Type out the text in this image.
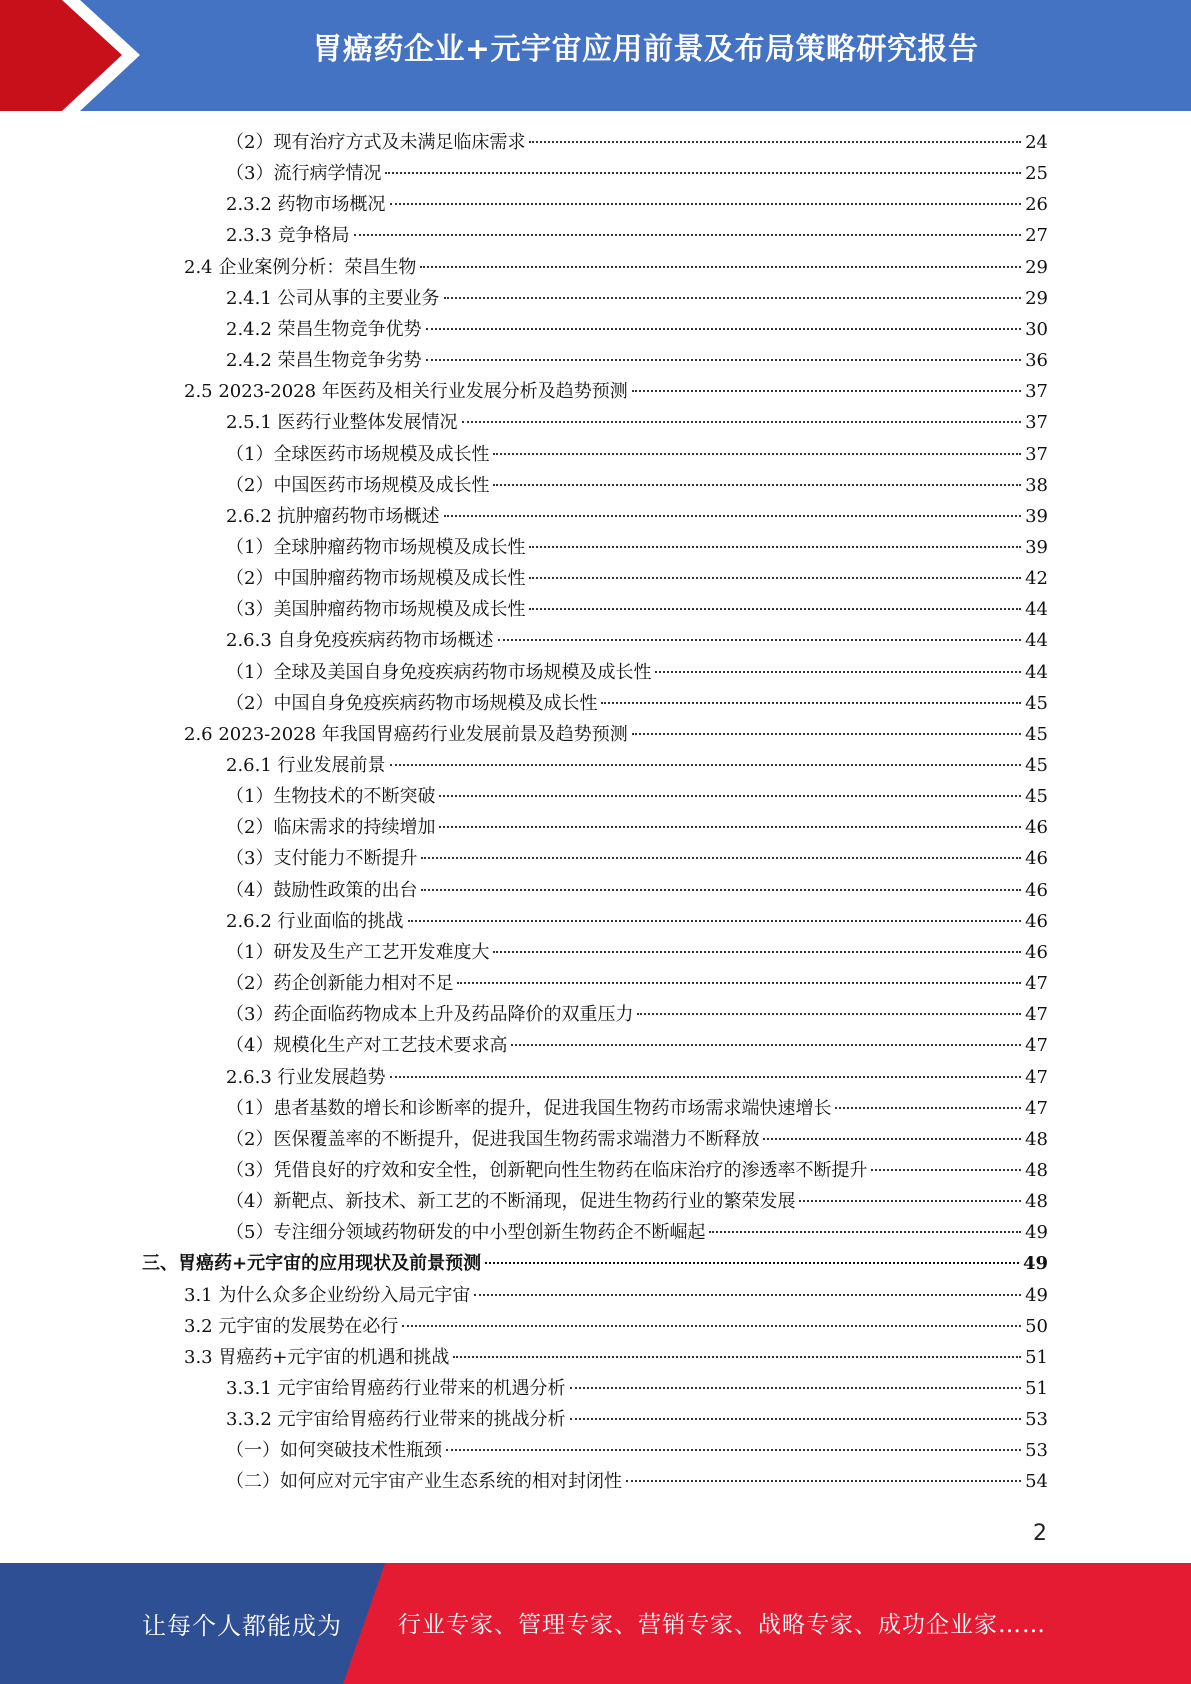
胃癌药企业+元宇宙应用前景及布局策略研究报告
（2）现有治疗方式及未满足临床需求	24
（3）流行病学情况	25
2.3.2 药物市场概况	26
2.3.3 竞争格局	27
2.4 企业案例分析：荣昌生物	29
2.4.1 公司从事的主要业务	29
2.4.2 荣昌生物竞争优势	30
2.4.2 荣昌生物竞争劣势	36
2.5 2023-2028 年医药及相关行业发展分析及趋势预测	37
2.5.1 医药行业整体发展情况	37
（1）全球医药市场规模及成长性	37
（2）中国医药市场规模及成长性	38
2.6.2 抗肿瘤药物市场概述	39
（1）全球肿瘤药物市场规模及成长性	39
（2）中国肿瘤药物市场规模及成长性	42
（3）美国肿瘤药物市场规模及成长性	44
2.6.3 自身免疫疾病药物市场概述	44
（1）全球及美国自身免疫疾病药物市场规模及成长性	44
（2）中国自身免疫疾病药物市场规模及成长性	45
2.6 2023-2028 年我国胃癌药行业发展前景及趋势预测	45
2.6.1 行业发展前景	45
（1）生物技术的不断突破	45
（2）临床需求的持续增加	46
（3）支付能力不断提升	46
（4）鼓励性政策的出台	46
2.6.2 行业面临的挑战	46
（1）研发及生产工艺开发难度大	46
（2）药企创新能力相对不足	47
（3）药企面临药物成本上升及药品降价的双重压力	47
（4）规模化生产对工艺技术要求高	47
2.6.3 行业发展趋势	47
（1）患者基数的增长和诊断率的提升，促进我国生物药市场需求端快速增长	47
（2）医保覆盖率的不断提升，促进我国生物药需求端潜力不断释放	48
（3）凭借良好的疗效和安全性，创新靶向性生物药在临床治疗的渗透率不断提升	48
（4）新靶点、新技术、新工艺的不断涌现，促进生物药行业的繁荣发展	48
（5）专注细分领域药物研发的中小型创新生物药企不断崛起	49
三、胃癌药+元宇宙的应用现状及前景预测	49
3.1 为什么众多企业纷纷入局元宇宙	49
3.2 元宇宙的发展势在必行	50
3.3 胃癌药+元宇宙的机遇和挑战	51
3.3.1 元宇宙给胃癌药行业带来的机遇分析	51
3.3.2 元宇宙给胃癌药行业带来的挑战分析	53
（一）如何突破技术性瓶颈	53
（二）如何应对元宇宙产业生态系统的相对封闭性	54
2
让每个人都能成为 行业专家、管理专家、营销专家、战略专家、成功企业家……
